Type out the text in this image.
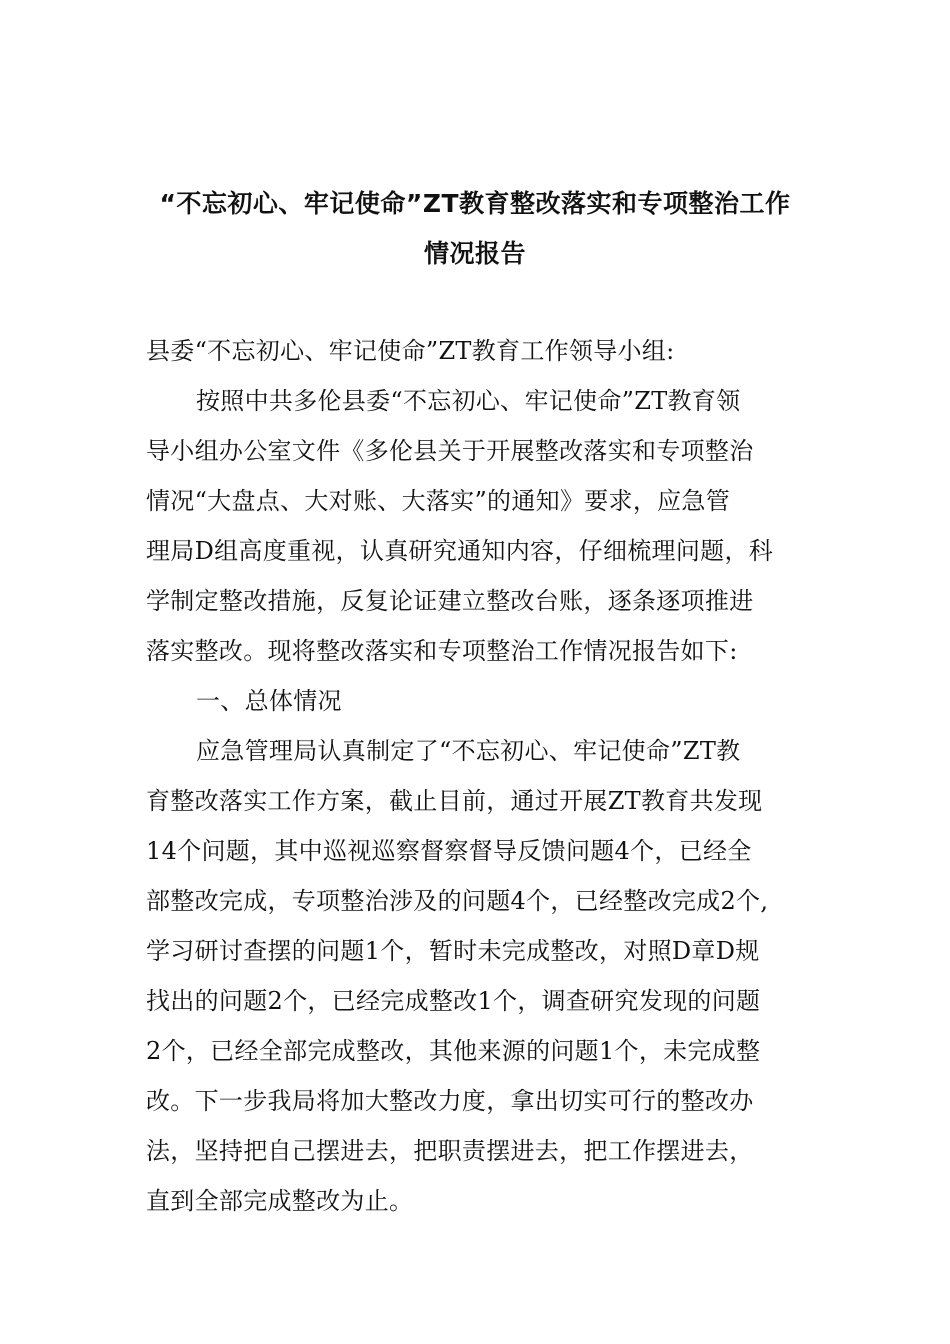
“不忘初心、牢记使命”ZT教育整改落实和专项整治工作
情况报告
县委“不忘初心、牢记使命”ZT教育工作领导小组:
按照中共多伦县委“不忘初心、牢记使命”ZT教育领
导小组办公室文件《多伦县关于开展整改落实和专项整治
情况“大盘点、大对账、大落实”的通知》要求，应急管
理局D组高度重视，认真研究通知内容，仔细梳理问题，科
学制定整改措施，反复论证建立整改台账，逐条逐项推进
落实整改。现将整改落实和专项整治工作情况报告如下:
一、总体情况
应急管理局认真制定了“不忘初心、牢记使命”ZT教
育整改落实工作方案，截止目前，通过开展ZT教育共发现
14个问题，其中巡视巡察督察督导反馈问题4个，已经全
部整改完成，专项整治涉及的问题4个，已经整改完成2个,
学习研讨查摆的问题1个，暂时未完成整改，对照D章D规
找出的问题2个，已经完成整改1个，调查研究发现的问题
2个，已经全部完成整改，其他来源的问题1个，未完成整
改。下一步我局将加大整改力度，拿出切实可行的整改办
法，坚持把自己摆进去，把职责摆进去，把工作摆进去，
直到全部完成整改为止。
